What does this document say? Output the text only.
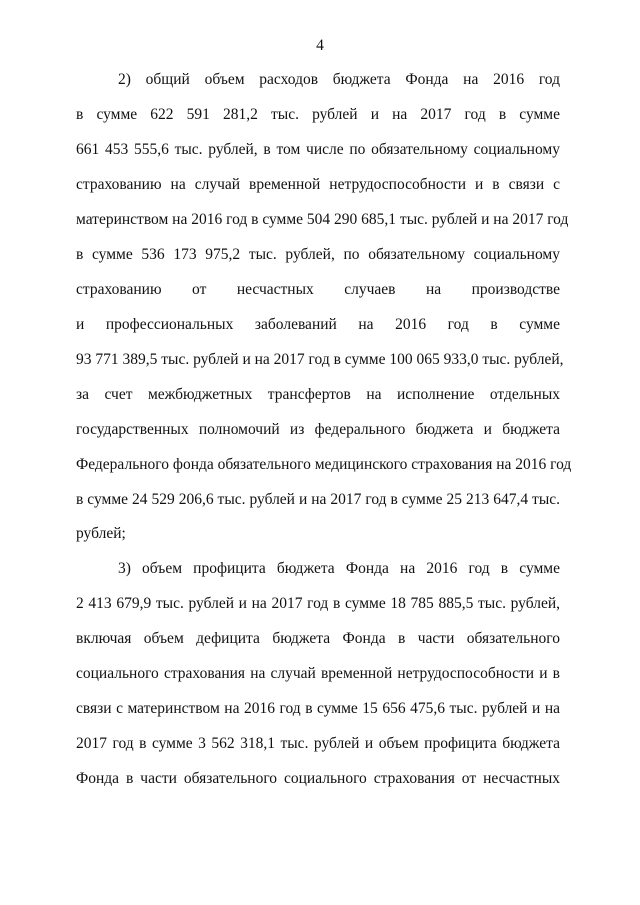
4
2) общий объем расходов бюджета Фонда на 2016 год
в сумме 622 591 281,2 тыс. рублей и на 2017 год в сумме
661 453 555,6 тыс. рублей, в том числе по обязательному социальному
страхованию на случай временной нетрудоспособности и в связи с
материнством на 2016 год в сумме 504 290 685,1 тыс. рублей и на 2017 год
в сумме 536 173 975,2 тыс. рублей, по обязательному социальному
страхованию от несчастных случаев на производстве
и профессиональных заболеваний на 2016 год в сумме
93 771 389,5 тыс. рублей и на 2017 год в сумме 100 065 933,0 тыс. рублей,
за счет межбюджетных трансфертов на исполнение отдельных
государственных полномочий из федерального бюджета и бюджета
Федерального фонда обязательного медицинского страхования на 2016 год
в сумме 24 529 206,6 тыс. рублей и на 2017 год в сумме 25 213 647,4 тыс.
рублей;
3) объем профицита бюджета Фонда на 2016 год в сумме
2 413 679,9 тыс. рублей и на 2017 год в сумме 18 785 885,5 тыс. рублей,
включая объем дефицита бюджета Фонда в части обязательного
социального страхования на случай временной нетрудоспособности и в
связи с материнством на 2016 год в сумме 15 656 475,6 тыс. рублей и на
2017 год в сумме 3 562 318,1 тыс. рублей и объем профицита бюджета
Фонда в части обязательного социального страхования от несчастных
